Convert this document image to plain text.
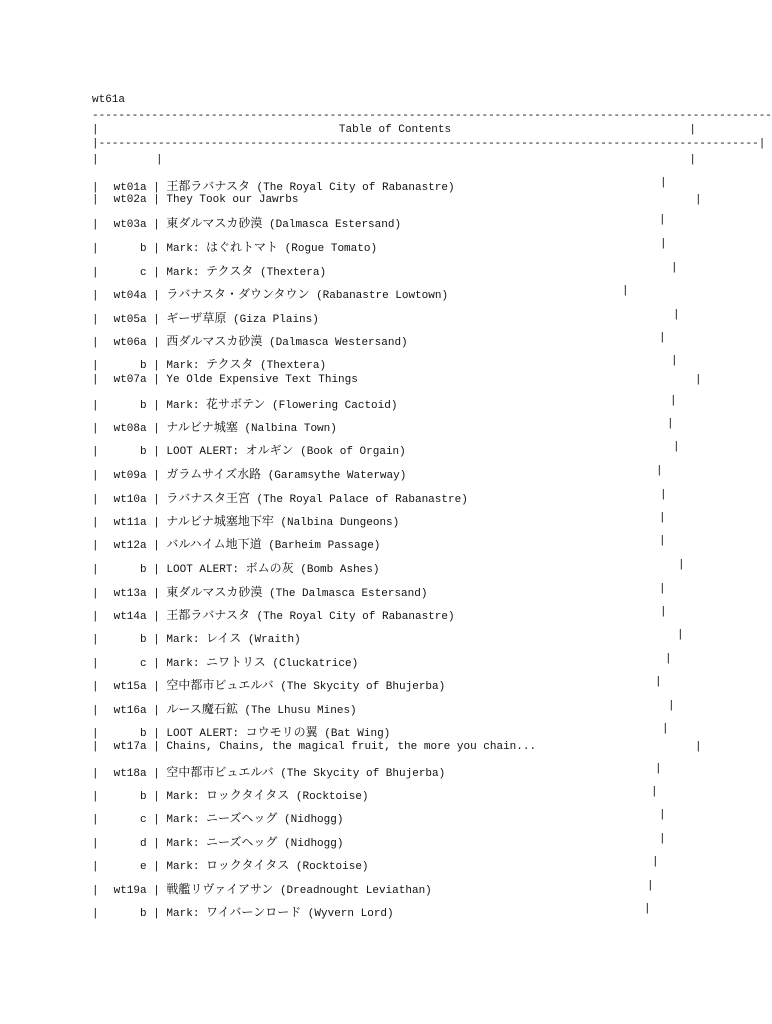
wt61a
-------------------------------------------------------------------------------------------------------
|	Table of Contents	|
|----------------------------------------------------------------------------------------------------|
|	|	|
| wt01a | 王都ラバナスタ (The Royal City of Rabanastre)	|
| wt02a | They Took our Jawrbs	|
| wt03a | 東ダルマスカ砂漠 (Dalmasca Estersand)	|
|	b | Mark: はぐれトマト (Rogue Tomato)	|
|	c | Mark: テクスタ (Thextera)	|
| wt04a | ラバナスタ・ダウンタウン (Rabanastre Lowtown)	|
| wt05a | ギーザ草原 (Giza Plains)	|
| wt06a | 西ダルマスカ砂漠 (Dalmasca Westersand)	|
|	b | Mark: テクスタ (Thextera)	|
| wt07a | Ye Olde Expensive Text Things	|
|	b | Mark: 花サボテン (Flowering Cactoid)	|
| wt08a | ナルビナ城塞 (Nalbina Town)	|
|	b | LOOT ALERT: オルギン (Book of Orgain)	|
| wt09a | ガラムサイズ水路 (Garamsythe Waterway)	|
| wt10a | ラバナスタ王宮 (The Royal Palace of Rabanastre)	|
| wt11a | ナルビナ城塞地下牢 (Nalbina Dungeons)	|
| wt12a | バルハイム地下道 (Barheim Passage)	|
|	b | LOOT ALERT: ボムの灰 (Bomb Ashes)	|
| wt13a | 東ダルマスカ砂漠 (The Dalmasca Estersand)	|
| wt14a | 王都ラバナスタ (The Royal City of Rabanastre)	|
|	b | Mark: レイス (Wraith)	|
|	c | Mark: ニワトリス (Cluckatrice)	|
| wt15a | 空中都市ビュエルバ (The Skycity of Bhujerba)	|
| wt16a | ルース魔石鉱 (The Lhusu Mines)	|
|	b | LOOT ALERT: コウモリの翼 (Bat Wing)	|
| wt17a | Chains, Chains, the magical fruit, the more you chain...	|
| wt18a | 空中都市ビュエルバ (The Skycity of Bhujerba)	|
|	b | Mark: ロックタイタス (Rocktoise)	|
|	c | Mark: ニーズヘッグ (Nidhogg)	|
|	d | Mark: ニーズヘッグ (Nidhogg)	|
|	e | Mark: ロックタイタス (Rocktoise)	|
| wt19a | 戦艦リヴァイアサン (Dreadnought Leviathan)	|
|	b | Mark: ワイバーンロード (Wyvern Lord)	|
